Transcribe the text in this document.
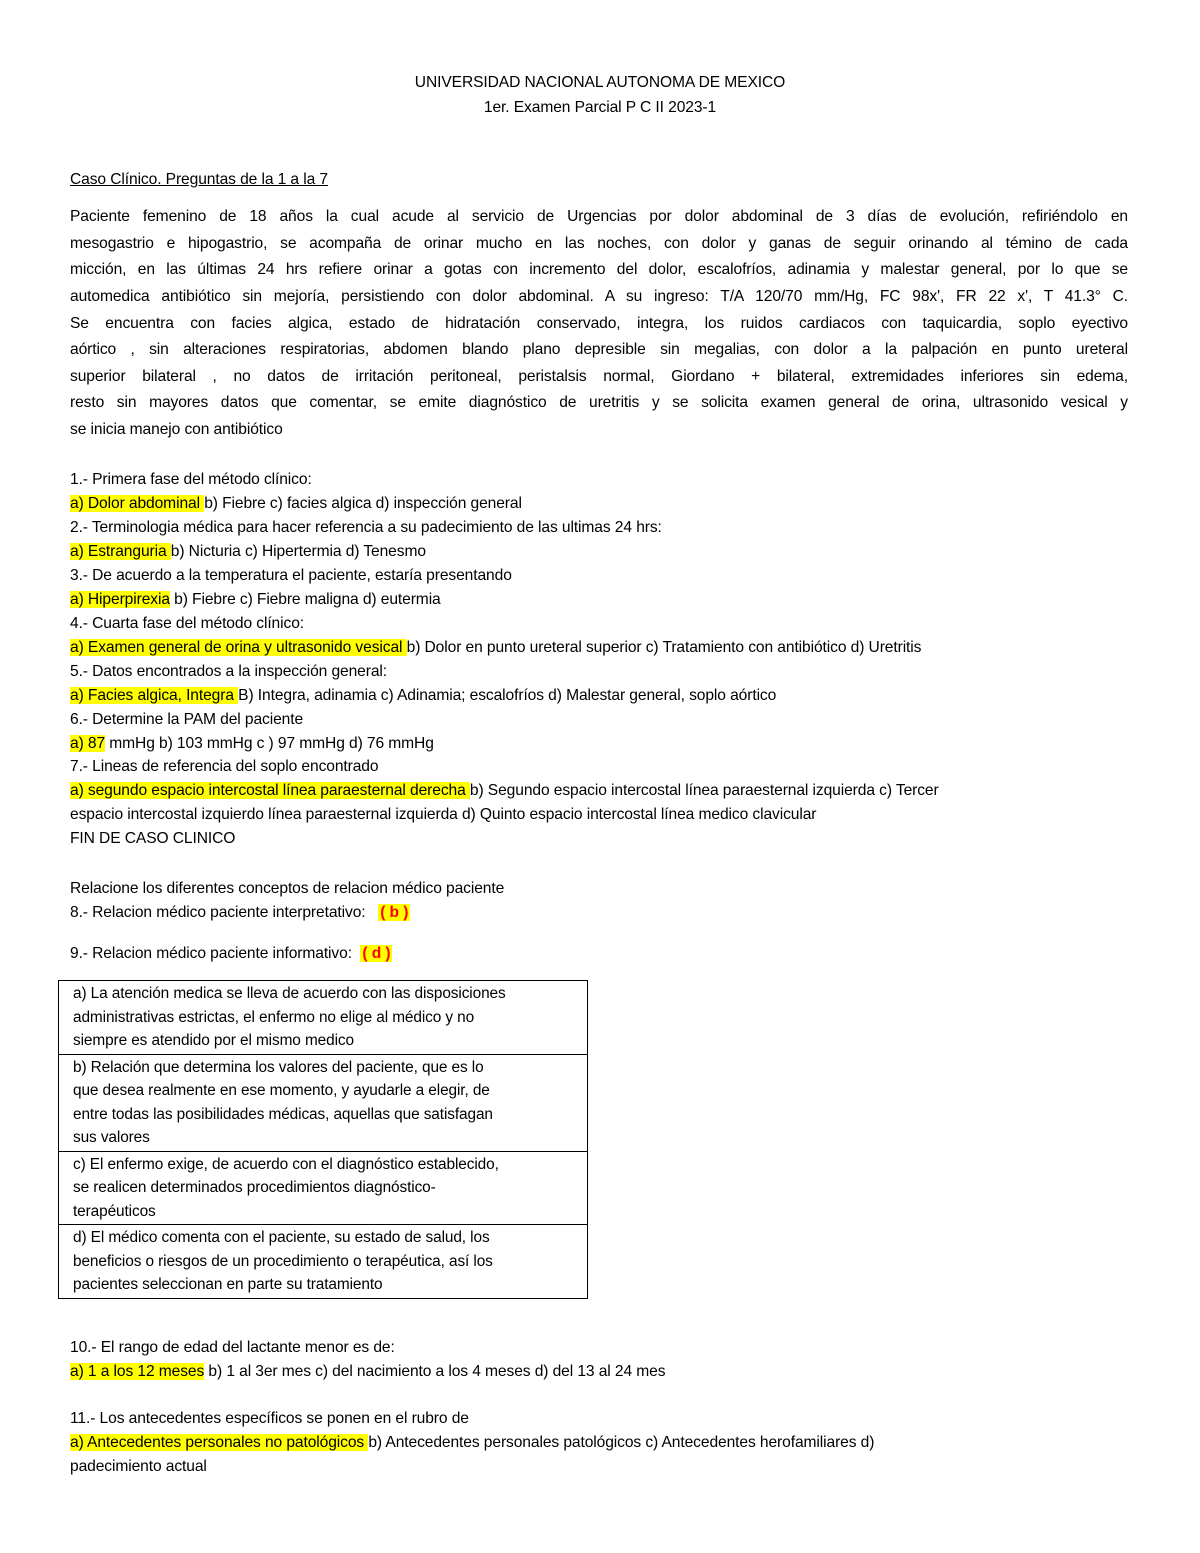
UNIVERSIDAD NACIONAL AUTONOMA DE MEXICO
1er. Examen Parcial P C II 2023-1
Caso Clínico. Preguntas de la 1 a la 7
Paciente femenino de 18 años la cual acude al servicio de Urgencias por dolor abdominal de 3 días de evolución, refiriéndolo en
mesogastrio e hipogastrio, se acompaña de orinar mucho en las noches, con dolor y ganas de seguir orinando al témino de cada
micción, en las últimas 24 hrs refiere orinar a gotas con incremento del dolor, escalofríos, adinamia y malestar general, por lo que se
automedica antibiótico sin mejoría, persistiendo con dolor abdominal. A su ingreso: T/A 120/70 mm/Hg, FC 98x', FR 22 x', T 41.3° C.
Se encuentra con facies algica, estado de hidratación conservado, integra, los ruidos cardiacos con taquicardia, soplo eyectivo
aórtico , sin alteraciones respiratorias, abdomen blando plano depresible sin megalias, con dolor a la palpación en punto ureteral
superior bilateral , no datos de irritación peritoneal, peristalsis normal, Giordano + bilateral, extremidades inferiores sin edema,
resto sin mayores datos que comentar, se emite diagnóstico de uretritis y se solicita examen general de orina, ultrasonido vesical y
se inicia manejo con antibiótico
1.- Primera fase del método clínico:
a) Dolor abdominal b) Fiebre c) facies algica d) inspección general
2.- Terminologia médica para hacer referencia a su padecimiento de las ultimas 24 hrs:
a) Estranguria b) Nicturia c) Hipertermia d) Tenesmo
3.- De acuerdo a la temperatura el paciente, estaría presentando
a) Hiperpirexia b) Fiebre c) Fiebre maligna d) eutermia
4.- Cuarta fase del método clínico:
a) Examen general de orina y ultrasonido vesical b) Dolor en punto ureteral superior c) Tratamiento con antibiótico d) Uretritis
5.- Datos encontrados a la inspección general:
a) Facies algica, Integra B) Integra, adinamia c) Adinamia; escalofríos d) Malestar general, soplo aórtico
6.- Determine la PAM del paciente
a) 87 mmHg b) 103 mmHg c ) 97 mmHg d) 76 mmHg
7.- Lineas de referencia del soplo encontrado
a) segundo espacio intercostal línea paraesternal derecha b) Segundo espacio intercostal línea paraesternal izquierda c) Tercer
espacio intercostal izquierdo línea paraesternal izquierda d) Quinto espacio intercostal línea medico clavicular
FIN DE CASO CLINICO
Relacione los diferentes conceptos de relacion médico paciente
8.- Relacion médico paciente interpretativo: ( b )
9.- Relacion médico paciente informativo: ( d )
a) La atención medica se lleva de acuerdo con las disposiciones
administrativas estrictas, el enfermo no elige al médico y no
siempre es atendido por el mismo medico

b) Relación que determina los valores del paciente, que es lo
que desea realmente en ese momento, y ayudarle a elegir, de
entre todas las posibilidades médicas, aquellas que satisfagan
sus valores

c) El enfermo exige, de acuerdo con el diagnóstico establecido,
se realicen determinados procedimientos diagnóstico-
terapéuticos

d) El médico comenta con el paciente, su estado de salud, los
beneficios o riesgos de un procedimiento o terapéutica, así los
pacientes seleccionan en parte su tratamiento
10.- El rango de edad del lactante menor es de:
a) 1 a los 12 meses b) 1 al 3er mes c) del nacimiento a los 4 meses d) del 13 al 24 mes
11.- Los antecedentes específicos se ponen en el rubro de
a) Antecedentes personales no patológicos b) Antecedentes personales patológicos c) Antecedentes herofamiliares d)
padecimiento actual
